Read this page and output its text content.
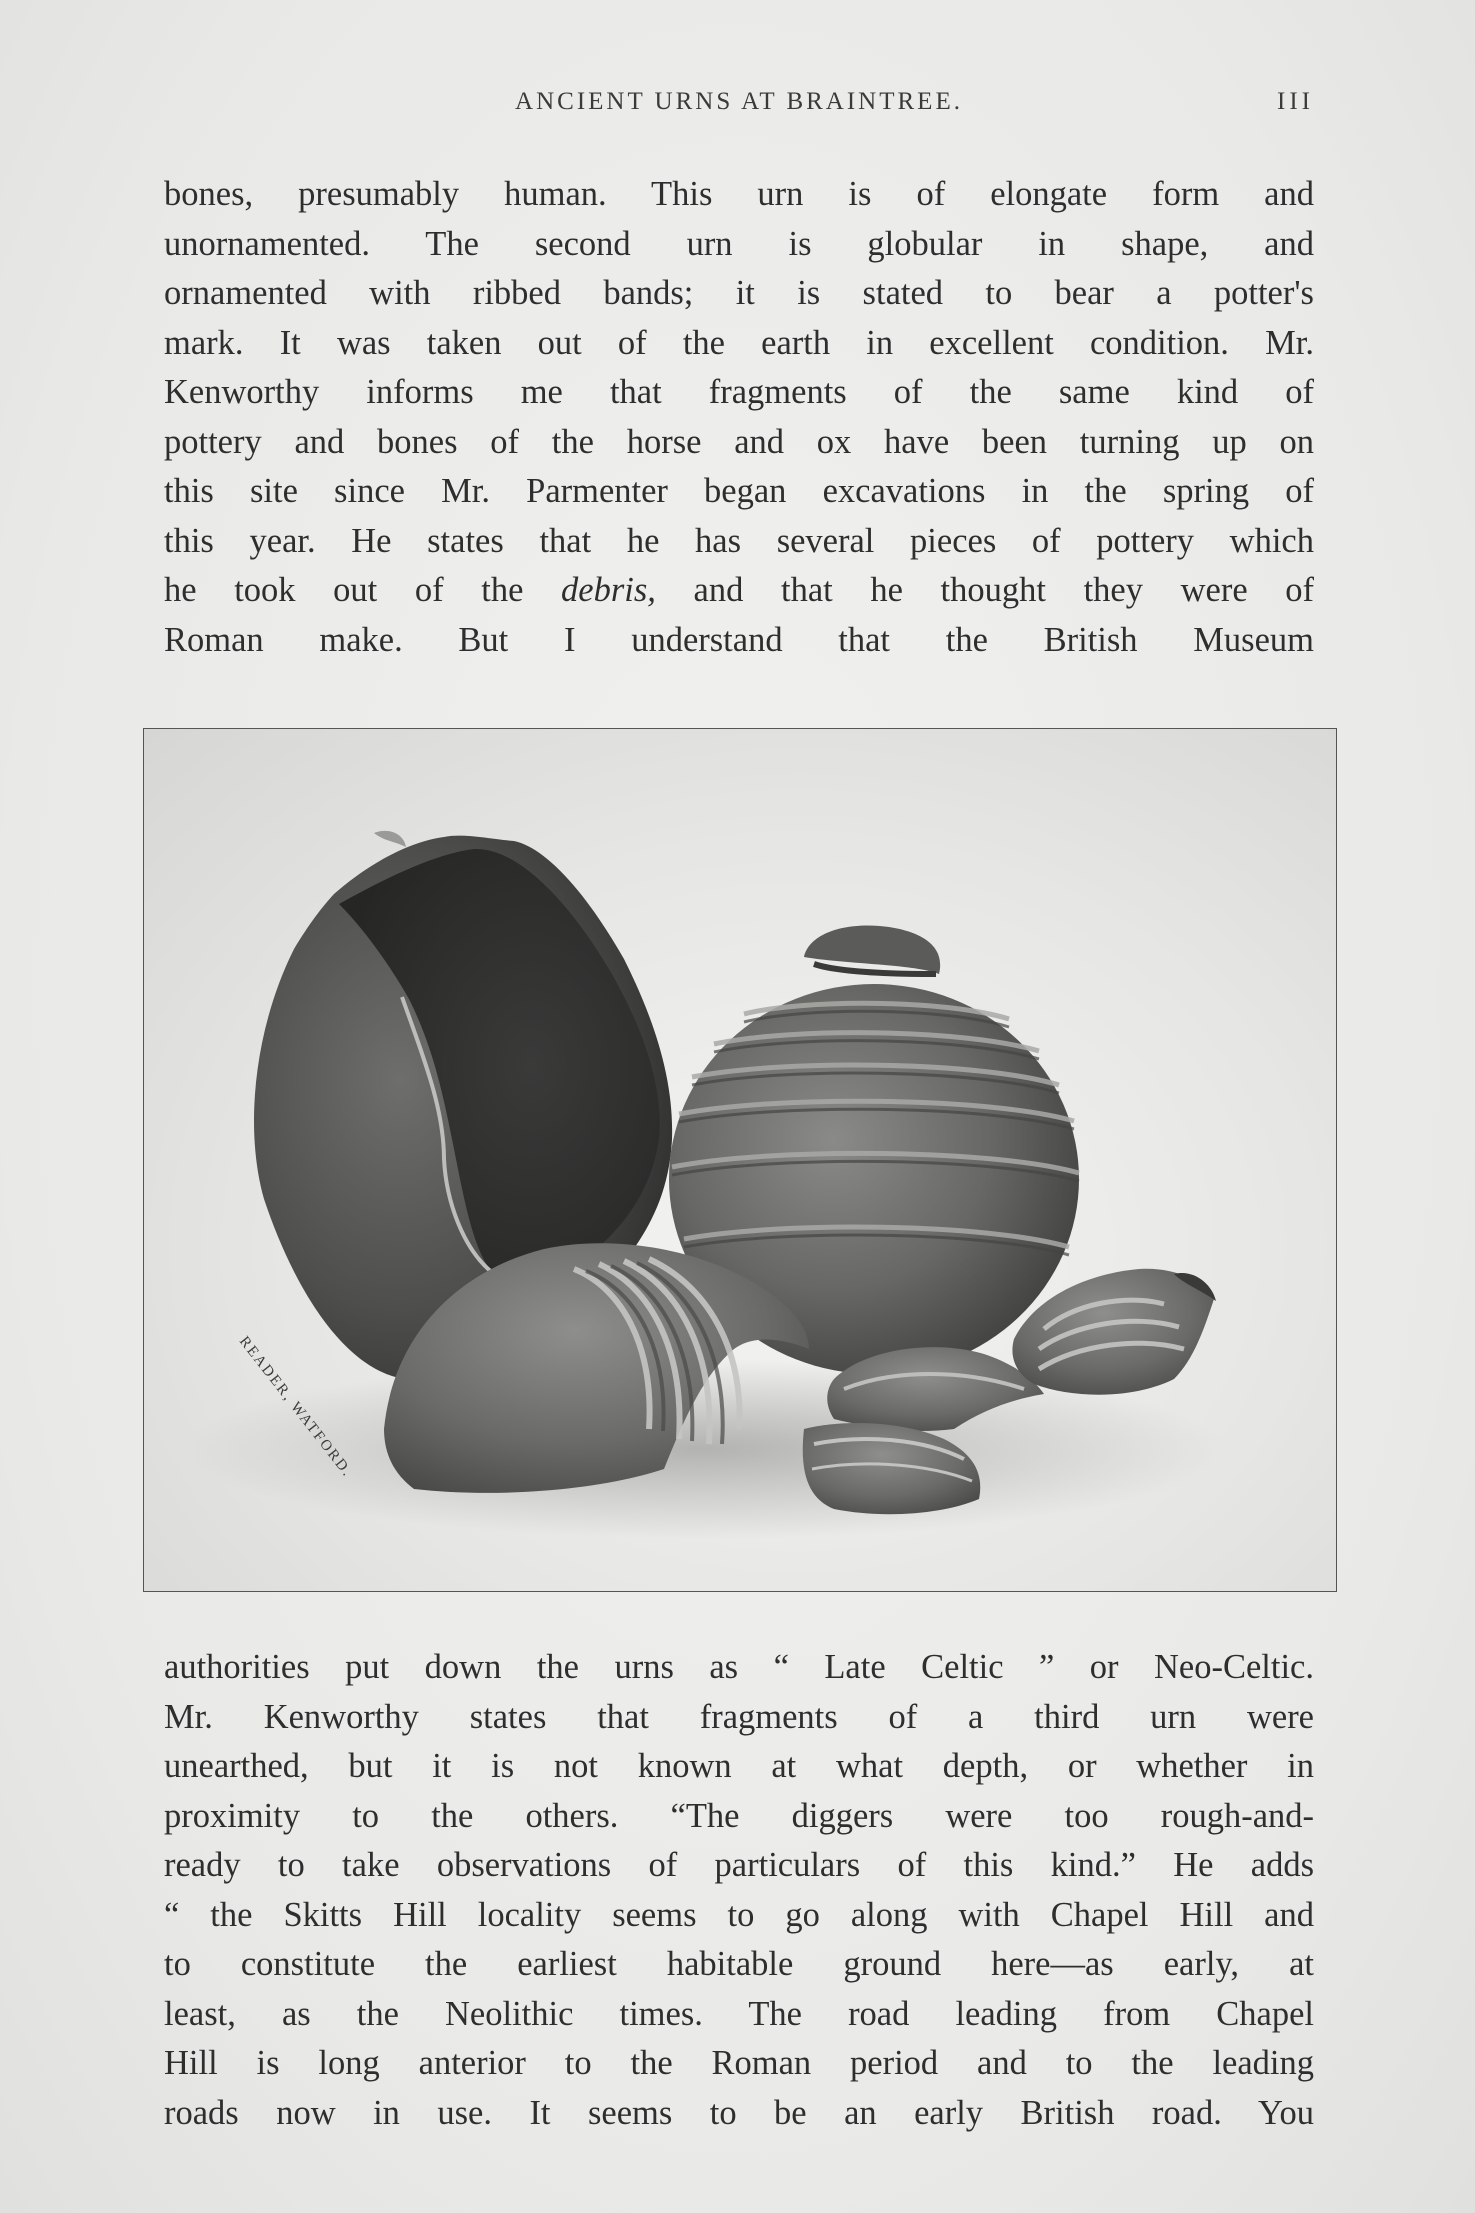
ANCIENT URNS AT BRAINTREE.	III
bones, presumably human. This urn is of elongate form and
unornamented. The second urn is globular in shape, and
ornamented with ribbed bands; it is stated to bear a potter's
mark. It was taken out of the earth in excellent condition. Mr.
Kenworthy informs me that fragments of the same kind of
pottery and bones of the horse and ox have been turning up on
this site since Mr. Parmenter began excavations in the spring of
this year. He states that he has several pieces of pottery which
he took out of the debris, and that he thought they were of
Roman make. But I understand that the British Museum
READER, WATFORD.
authorities put down the urns as “ Late Celtic ” or Neo-Celtic.
Mr. Kenworthy states that fragments of a third urn were
unearthed, but it is not known at what depth, or whether in
proximity to the others. “The diggers were too rough-and-
ready to take observations of particulars of this kind.” He adds
“ the Skitts Hill locality seems to go along with Chapel Hill and
to constitute the earliest habitable ground here—as early, at
least, as the Neolithic times. The road leading from Chapel
Hill is long anterior to the Roman period and to the leading
roads now in use. It seems to be an early British road. You
